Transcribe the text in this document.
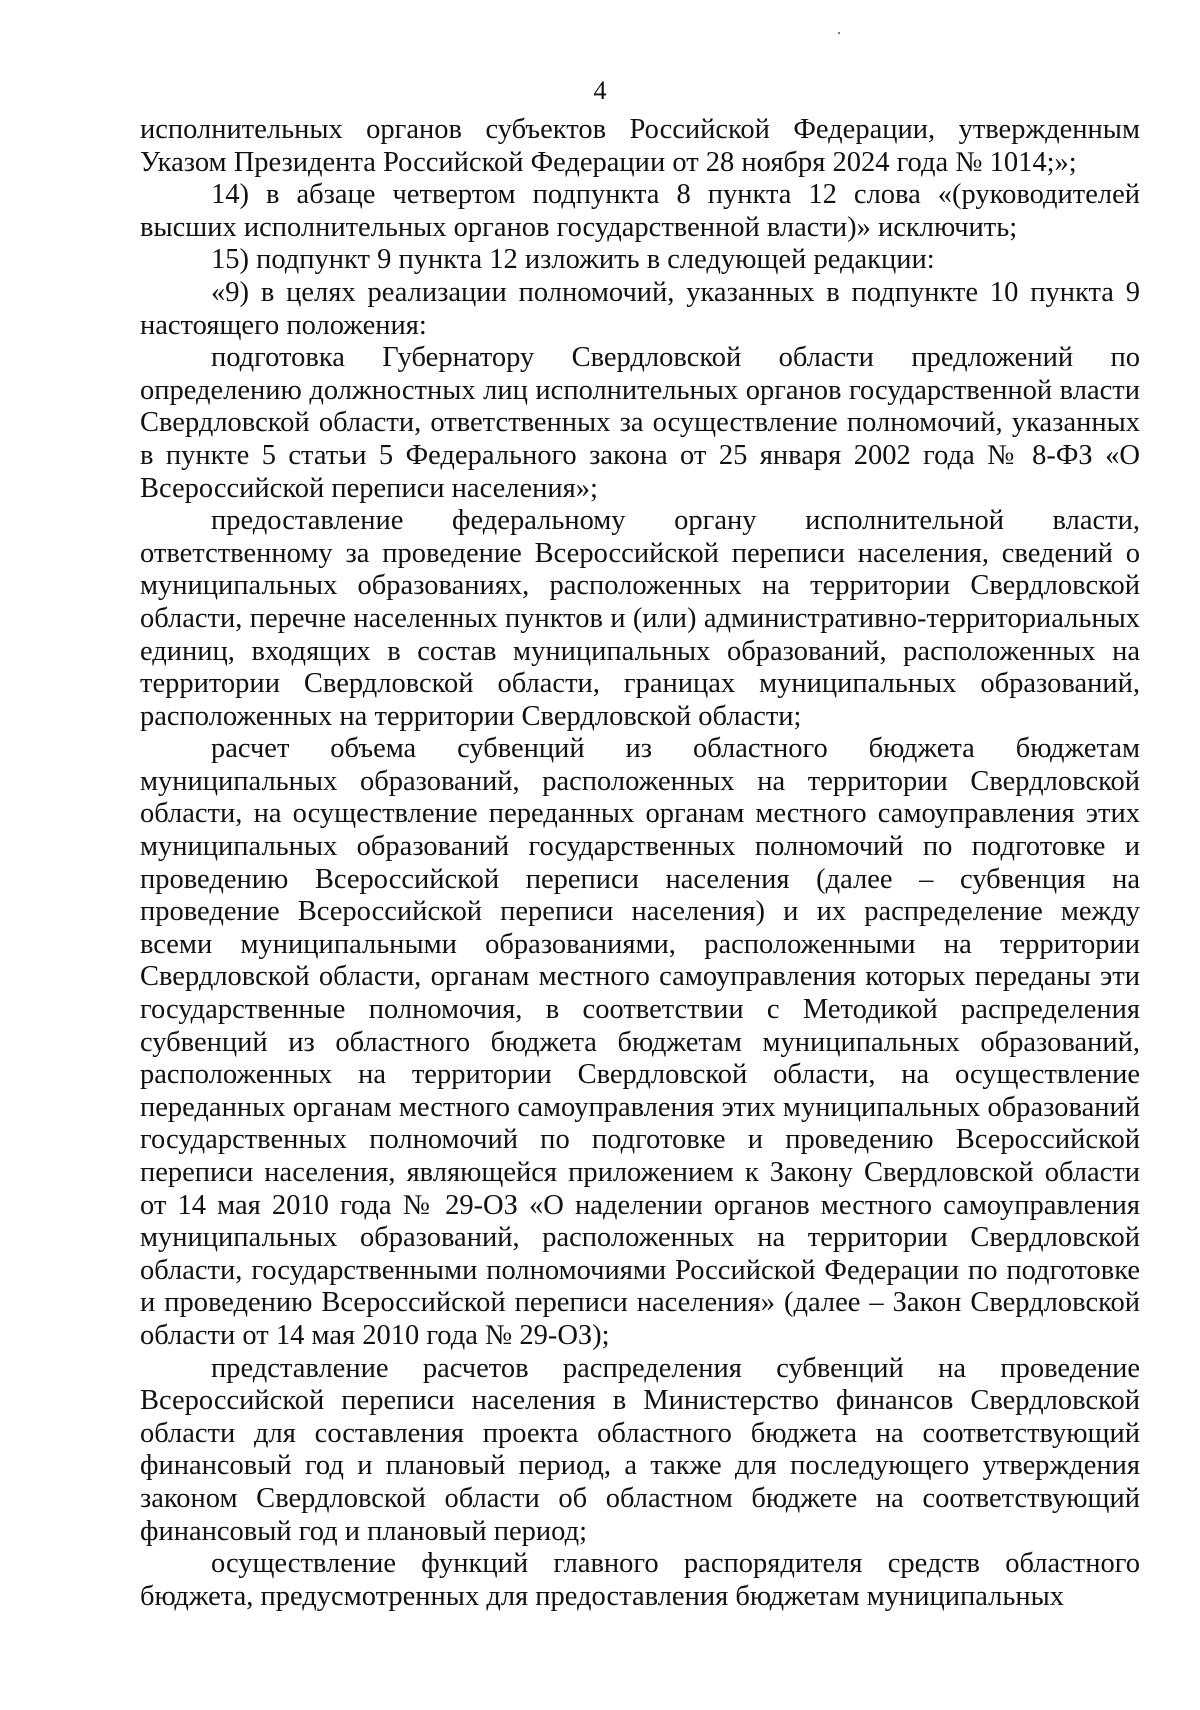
4

исполнительных органов субъектов Российской Федерации, утвержденным Указом Президента Российской Федерации от 28 ноября 2024 года № 1014;»;

14) в абзаце четвертом подпункта 8 пункта 12 слова «(руководителей высших исполнительных органов государственной власти)» исключить;

15) подпункт 9 пункта 12 изложить в следующей редакции:

«9) в целях реализации полномочий, указанных в подпункте 10 пункта 9 настоящего положения:

подготовка Губернатору Свердловской области предложений по определению должностных лиц исполнительных органов государственной власти Свердловской области, ответственных за осуществление полномочий, указанных в пункте 5 статьи 5 Федерального закона от 25 января 2002 года № 8-ФЗ «О Всероссийской переписи населения»;

предоставление федеральному органу исполнительной власти, ответственному за проведение Всероссийской переписи населения, сведений о муниципальных образованиях, расположенных на территории Свердловской области, перечне населенных пунктов и (или) административно-территориальных единиц, входящих в состав муниципальных образований, расположенных на территории Свердловской области, границах муниципальных образований, расположенных на территории Свердловской области;

расчет объема субвенций из областного бюджета бюджетам муниципальных образований, расположенных на территории Свердловской области, на осуществление переданных органам местного самоуправления этих муниципальных образований государственных полномочий по подготовке и проведению Всероссийской переписи населения (далее – субвенция на проведение Всероссийской переписи населения) и их распределение между всеми муниципальными образованиями, расположенными на территории Свердловской области, органам местного самоуправления которых переданы эти государственные полномочия, в соответствии с Методикой распределения субвенций из областного бюджета бюджетам муниципальных образований, расположенных на территории Свердловской области, на осуществление переданных органам местного самоуправления этих муниципальных образований государственных полномочий по подготовке и проведению Всероссийской переписи населения, являющейся приложением к Закону Свердловской области от 14 мая 2010 года № 29-ОЗ «О наделении органов местного самоуправления муниципальных образований, расположенных на территории Свердловской области, государственными полномочиями Российской Федерации по подготовке и проведению Всероссийской переписи населения» (далее – Закон Свердловской области от 14 мая 2010 года № 29-ОЗ);

представление расчетов распределения субвенций на проведение Всероссийской переписи населения в Министерство финансов Свердловской области для составления проекта областного бюджета на соответствующий финансовый год и плановый период, а также для последующего утверждения законом Свердловской области об областном бюджете на соответствующий финансовый год и плановый период;

осуществление функций главного распорядителя средств областного бюджета, предусмотренных для предоставления бюджетам муниципальных
